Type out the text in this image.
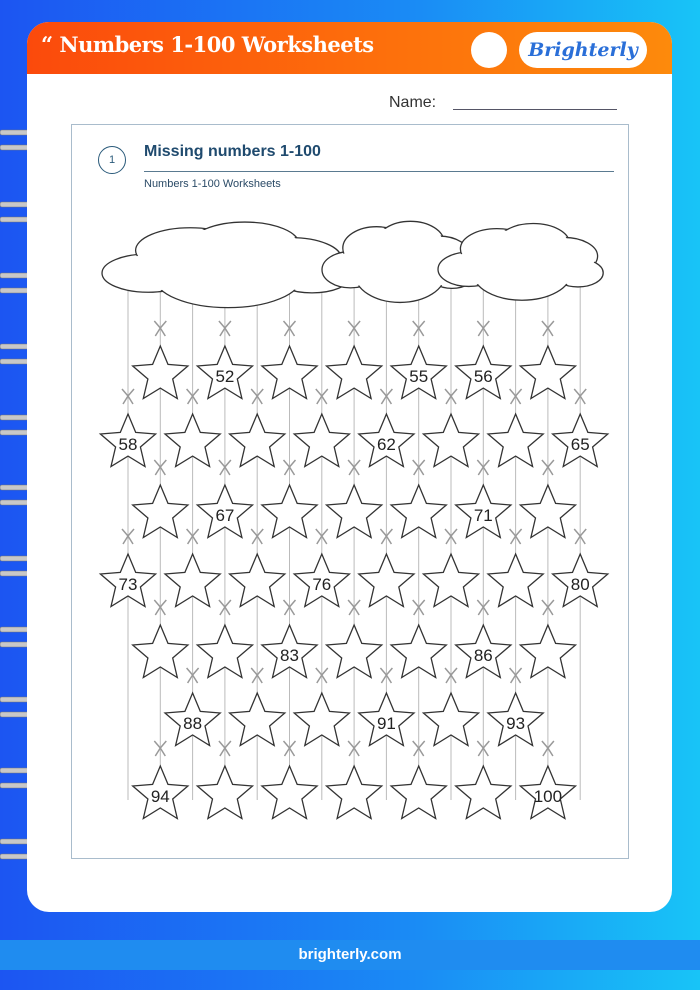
“ Numbers 1-100 Worksheets	Brighterly
Name:
1	Missing numbers 1-100
Numbers 1-100 Worksheets
52	55	56
58	62	65
67	71
73	76	80
83	86
88	91	93
94	100
brighterly.com
